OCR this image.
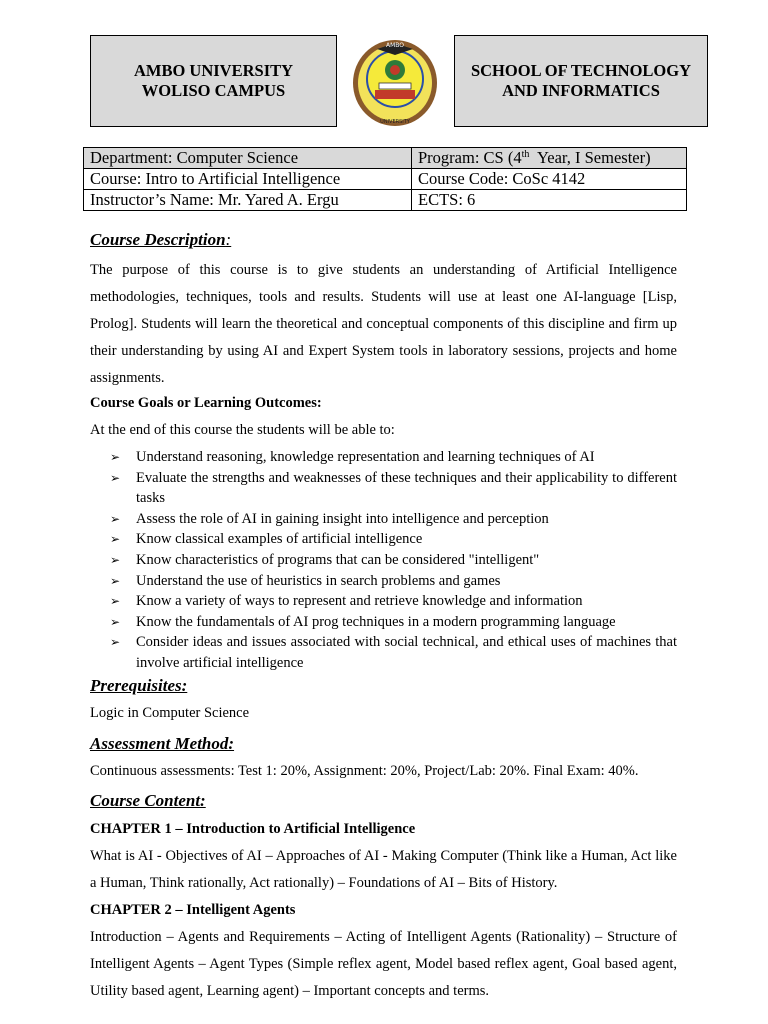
AMBO UNIVERSITY
WOLISO CAMPUS
AMBO
UNIVERSITY
SCHOOL OF TECHNOLOGY
AND INFORMATICS
Department: Computer Science	Program: CS (4th  Year, I Semester)
Course: Intro to Artificial Intelligence	Course Code: CoSc 4142
Instructor’s Name: Mr. Yared A. Ergu	ECTS: 6
Course Description:
The purpose of this course is to give students an understanding of Artificial Intelligence methodologies, techniques, tools and results. Students will use at least one AI-language [Lisp, Prolog]. Students will learn the theoretical and conceptual components of this discipline and firm up their understanding by using AI and Expert System tools in laboratory sessions, projects and home assignments.
Course Goals or Learning Outcomes:
At the end of this course the students will be able to:
➢ Understand reasoning, knowledge representation and learning techniques of AI
➢ Evaluate the strengths and weaknesses of these techniques and their applicability to different tasks
➢ Assess the role of AI in gaining insight into intelligence and perception
➢ Know classical examples of artificial intelligence
➢ Know characteristics of programs that can be considered "intelligent"
➢ Understand the use of heuristics in search problems and games
➢ Know a variety of ways to represent and retrieve knowledge and information
➢ Know the fundamentals of AI prog techniques in a modern programming language
➢ Consider ideas and issues associated with social technical, and ethical uses of machines that involve artificial intelligence
Prerequisites:
Logic in Computer Science
Assessment Method:
Continuous assessments: Test 1: 20%, Assignment: 20%, Project/Lab: 20%. Final Exam: 40%.
Course Content:
CHAPTER 1 – Introduction to Artificial Intelligence
What is AI - Objectives of AI – Approaches of AI - Making Computer (Think like a Human, Act like a Human, Think rationally, Act rationally) – Foundations of AI – Bits of History.
CHAPTER 2 – Intelligent Agents
Introduction – Agents and Requirements – Acting of Intelligent Agents (Rationality) – Structure of Intelligent Agents – Agent Types (Simple reflex agent, Model based reflex agent, Goal based agent, Utility based agent, Learning agent) – Important concepts and terms.
